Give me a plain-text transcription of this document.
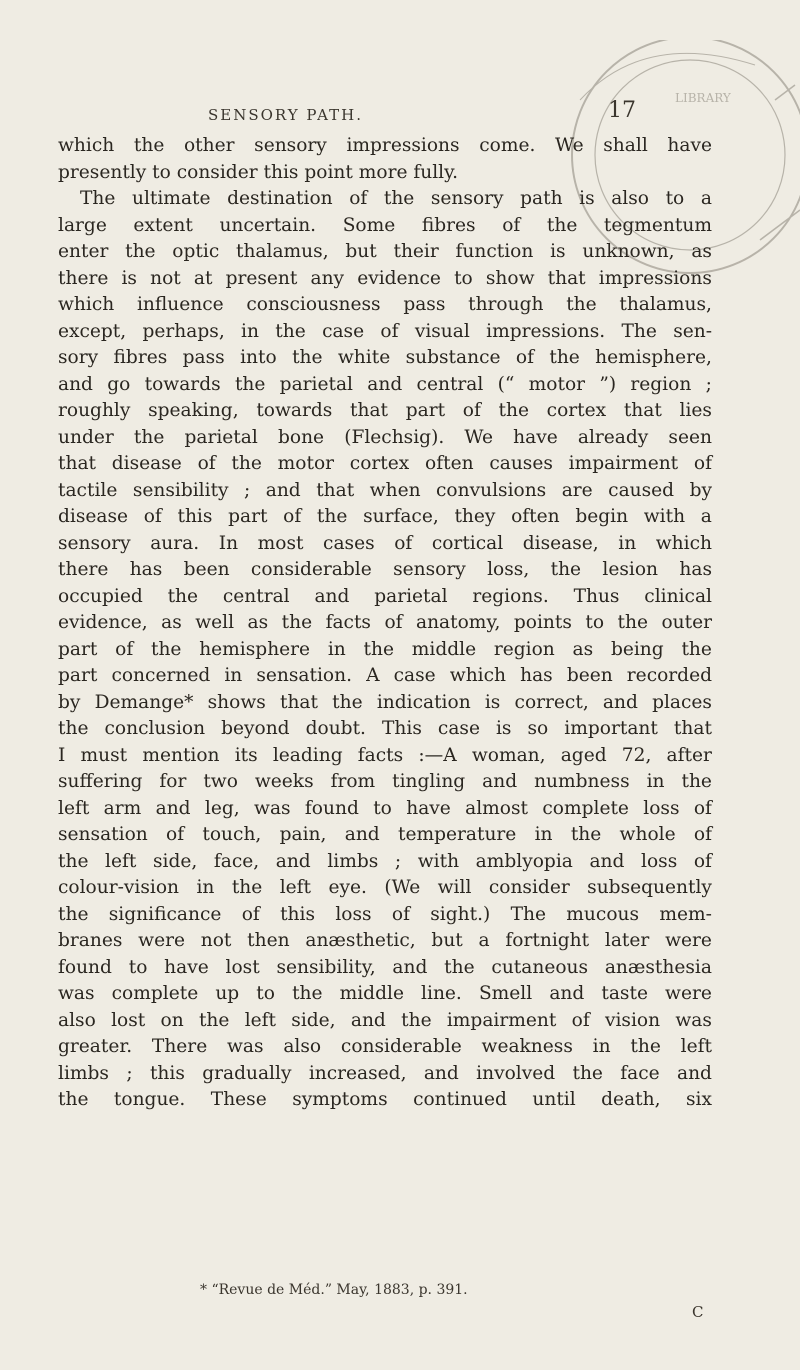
SENSORY PATH.	17	LIBRARY
which the other sensory impressions come. We shall have
presently to consider this point more fully.
The ultimate destination of the sensory path is also to a
large extent uncertain. Some fibres of the tegmentum
enter the optic thalamus, but their function is unknown, as
there is not at present any evidence to show that impressions
which influence consciousness pass through the thalamus,
except, perhaps, in the case of visual impressions. The sen-
sory fibres pass into the white substance of the hemisphere,
and go towards the parietal and central (“ motor ”) region ;
roughly speaking, towards that part of the cortex that lies
under the parietal bone (Flechsig). We have already seen
that disease of the motor cortex often causes impairment of
tactile sensibility ; and that when convulsions are caused by
disease of this part of the surface, they often begin with a
sensory aura. In most cases of cortical disease, in which
there has been considerable sensory loss, the lesion has
occupied the central and parietal regions. Thus clinical
evidence, as well as the facts of anatomy, points to the outer
part of the hemisphere in the middle region as being the
part concerned in sensation. A case which has been recorded
by Demange* shows that the indication is correct, and places
the conclusion beyond doubt. This case is so important that
I must mention its leading facts :—A woman, aged 72, after
suffering for two weeks from tingling and numbness in the
left arm and leg, was found to have almost complete loss of
sensation of touch, pain, and temperature in the whole of
the left side, face, and limbs ; with amblyopia and loss of
colour-vision in the left eye. (We will consider subsequently
the significance of this loss of sight.) The mucous mem-
branes were not then anæsthetic, but a fortnight later were
found to have lost sensibility, and the cutaneous anæsthesia
was complete up to the middle line. Smell and taste were
also lost on the left side, and the impairment of vision was
greater. There was also considerable weakness in the left
limbs ; this gradually increased, and involved the face and
the tongue. These symptoms continued until death, six
* “Revue de Méd.” May, 1883, p. 391.
C
